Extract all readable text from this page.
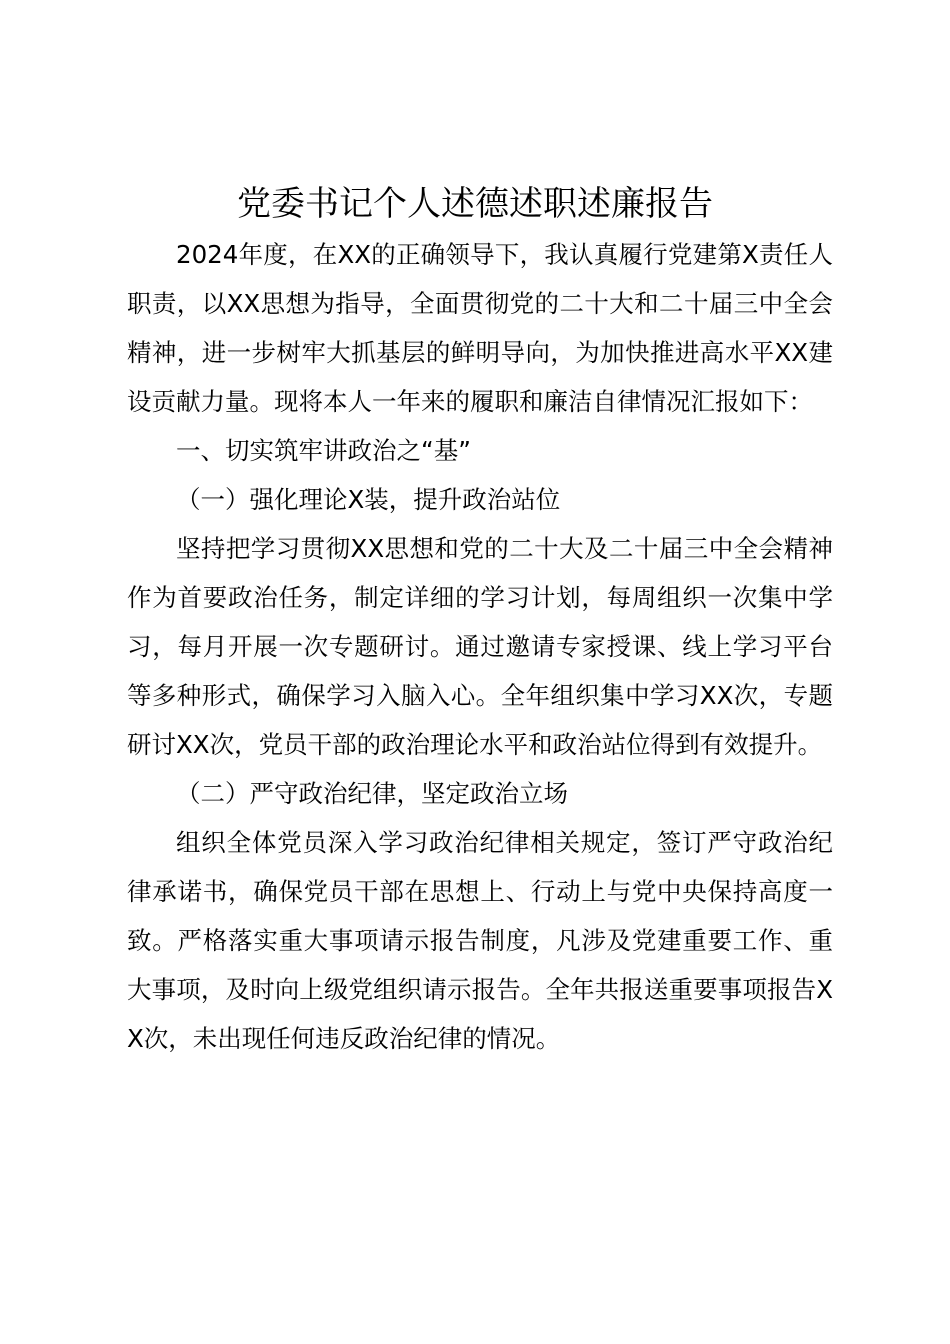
党委书记个人述德述职述廉报告

2024年度，在XX的正确领导下，我认真履行党建第X责任人职责，以XX思想为指导，全面贯彻党的二十大和二十届三中全会精神，进一步树牢大抓基层的鲜明导向，为加快推进高水平XX建设贡献力量。现将本人一年来的履职和廉洁自律情况汇报如下：

一、切实筑牢讲政治之“基”

（一）强化理论X装，提升政治站位

坚持把学习贯彻XX思想和党的二十大及二十届三中全会精神作为首要政治任务，制定详细的学习计划，每周组织一次集中学习，每月开展一次专题研讨。通过邀请专家授课、线上学习平台等多种形式，确保学习入脑入心。全年组织集中学习XX次，专题研讨XX次，党员干部的政治理论水平和政治站位得到有效提升。

（二）严守政治纪律，坚定政治立场

组织全体党员深入学习政治纪律相关规定，签订严守政治纪律承诺书，确保党员干部在思想上、行动上与党中央保持高度一致。严格落实重大事项请示报告制度，凡涉及党建重要工作、重大事项，及时向上级党组织请示报告。全年共报送重要事项报告XX次，未出现任何违反政治纪律的情况。
